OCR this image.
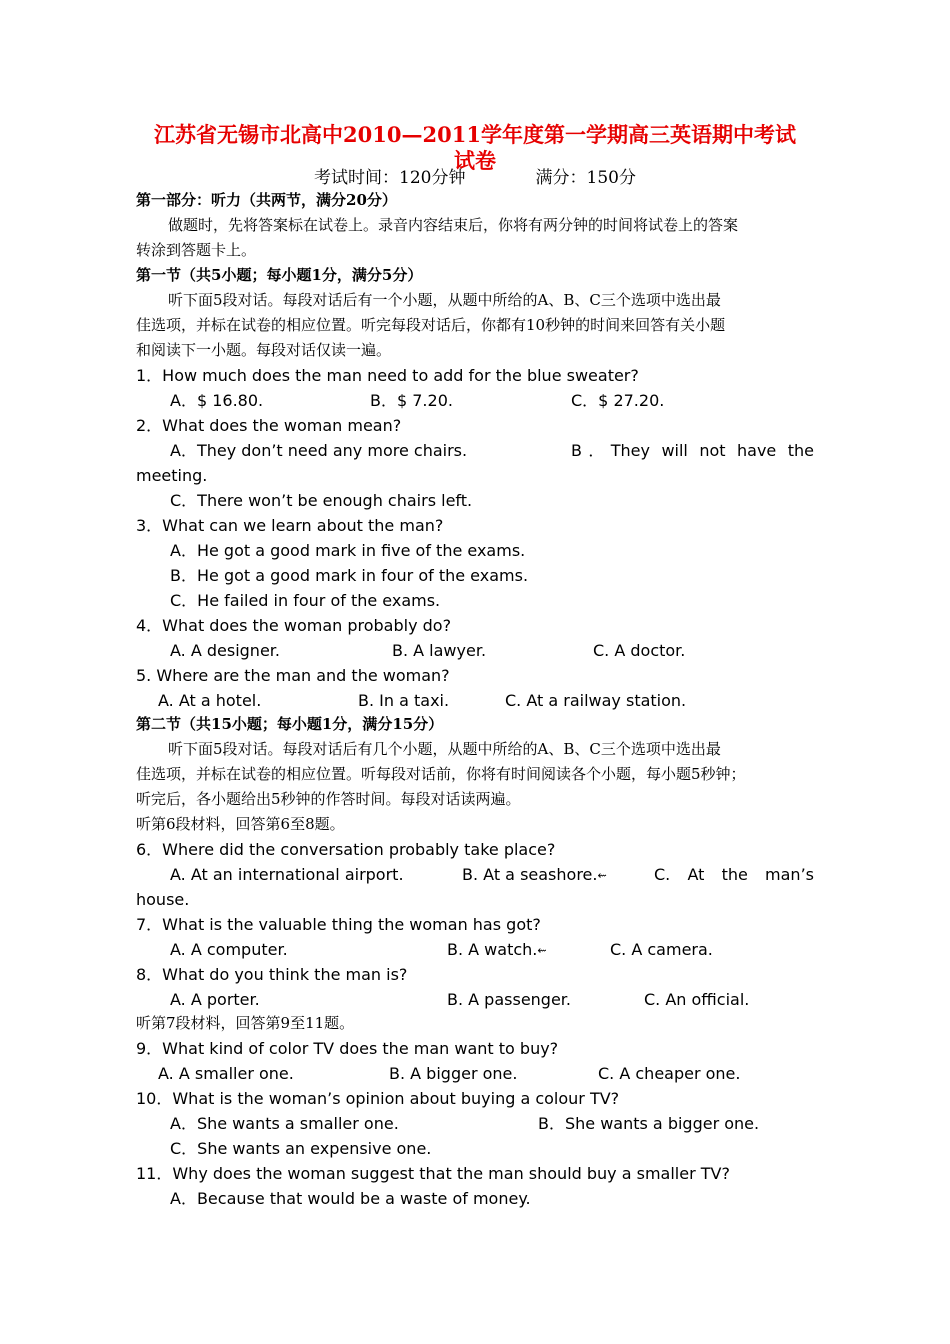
江苏省无锡市北高中2010—2011学年度第一学期高三英语期中考试
试卷
考试时间：120分钟	满分：150分
第一部分：听力（共两节，满分20分）
做题时，先将答案标在试卷上。录音内容结束后，你将有两分钟的时间将试卷上的答案
转涂到答题卡上。
第一节（共5小题；每小题1分，满分5分）
听下面5段对话。每段对话后有一个小题，从题中所给的A、B、C三个选项中选出最
佳选项，并标在试卷的相应位置。听完每段对话后，你都有10秒钟的时间来回答有关小题
和阅读下一小题。每段对话仅读一遍。
1．How much does the man need to add for the blue sweater?
A．$ 16.80.	B．$ 7.20.	C．$ 27.20.
2．What does the woman mean?
A．They don’t need any more chairs.	B．They will not have the
meeting.
C．There won’t be enough chairs left.
3．What can we learn about the man?
A．He got a good mark in five of the exams.
B．He got a good mark in four of the exams.
C．He failed in four of the exams.
4．What does the woman probably do?
A. A designer.	B. A lawyer.	C. A doctor.
5. Where are the man and the woman?
A. At a hotel.	B. In a taxi.	C. At a railway station.
第二节（共15小题；每小题1分，满分15分）
听下面5段对话。每段对话后有几个小题，从题中所给的A、B、C三个选项中选出最
佳选项，并标在试卷的相应位置。听每段对话前，你将有时间阅读各个小题，每小题5秒钟；
听完后，各小题给出5秒钟的作答时间。每段对话读两遍。
听第6段材料，回答第6至8题。
6．Where did the conversation probably take place?
A. At an international airport.	B. At a seashore.⇜	C. At the man’s
house.
7．What is the valuable thing the woman has got?
A. A computer.	B. A watch.⇜	C. A camera.
8．What do you think the man is?
A. A porter.	B. A passenger.	C. An official.
听第7段材料，回答第9至11题。
9．What kind of color TV does the man want to buy?
A. A smaller one.	B. A bigger one.	C. A cheaper one.
10．What is the woman’s opinion about buying a colour TV?
A．She wants a smaller one.	B．She wants a bigger one.
C．She wants an expensive one.
11．Why does the woman suggest that the man should buy a smaller TV?
A．Because that would be a waste of money.
